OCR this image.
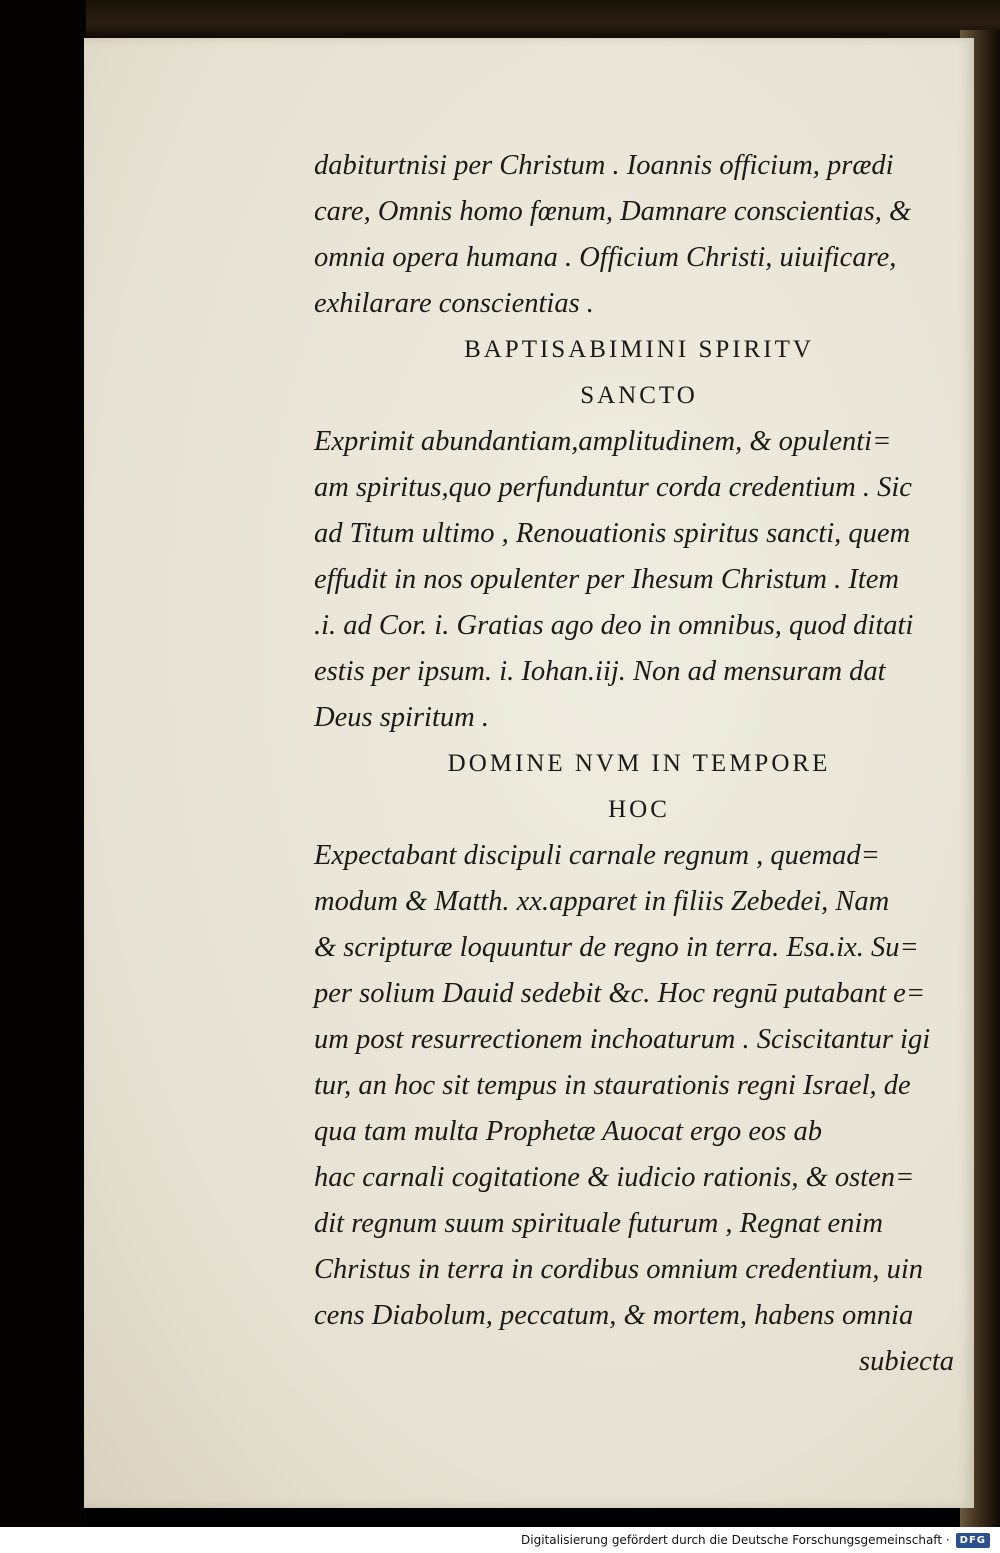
dabiturtnisi per Christum . Ioannis officium, prædi
care, Omnis homo fœnum, Damnare conscientias, &
omnia opera humana . Officium Christi, uiuificare,
exhilarare conscientias .
BAPTISABIMINI SPIRITV
SANCTO
Exprimit abundantiam,amplitudinem, & opulenti=
am spiritus,quo perfunduntur corda credentium . Sic
ad Titum ultimo , Renouationis spiritus sancti, quem
effudit in nos opulenter per Ihesum Christum . Item
.i. ad Cor. i. Gratias ago deo in omnibus, quod ditati
estis per ipsum. i. Iohan.iij. Non ad mensuram dat
Deus spiritum .
DOMINE NVM IN TEMPORE
HOC
Expectabant discipuli carnale regnum , quemad=
modum & Matth. xx.apparet in filiis Zebedei, Nam
& scripturæ loquuntur de regno in terra. Esa.ix. Su=
per solium Dauid sedebit &c. Hoc regnū putabant e=
um post resurrectionem inchoaturum . Sciscitantur igi
tur, an hoc sit tempus in staurationis regni Israel, de
qua tam multa Prophetæ Auocat ergo eos ab
hac carnali cogitatione & iudicio rationis, & osten=
dit regnum suum spirituale futurum , Regnat enim
Christus in terra in cordibus omnium credentium, uin
cens Diabolum, peccatum, & mortem, habens omnia
subiecta
Digitalisierung gefördert durch die Deutsche Forschungsgemeinschaft ·	DFG
